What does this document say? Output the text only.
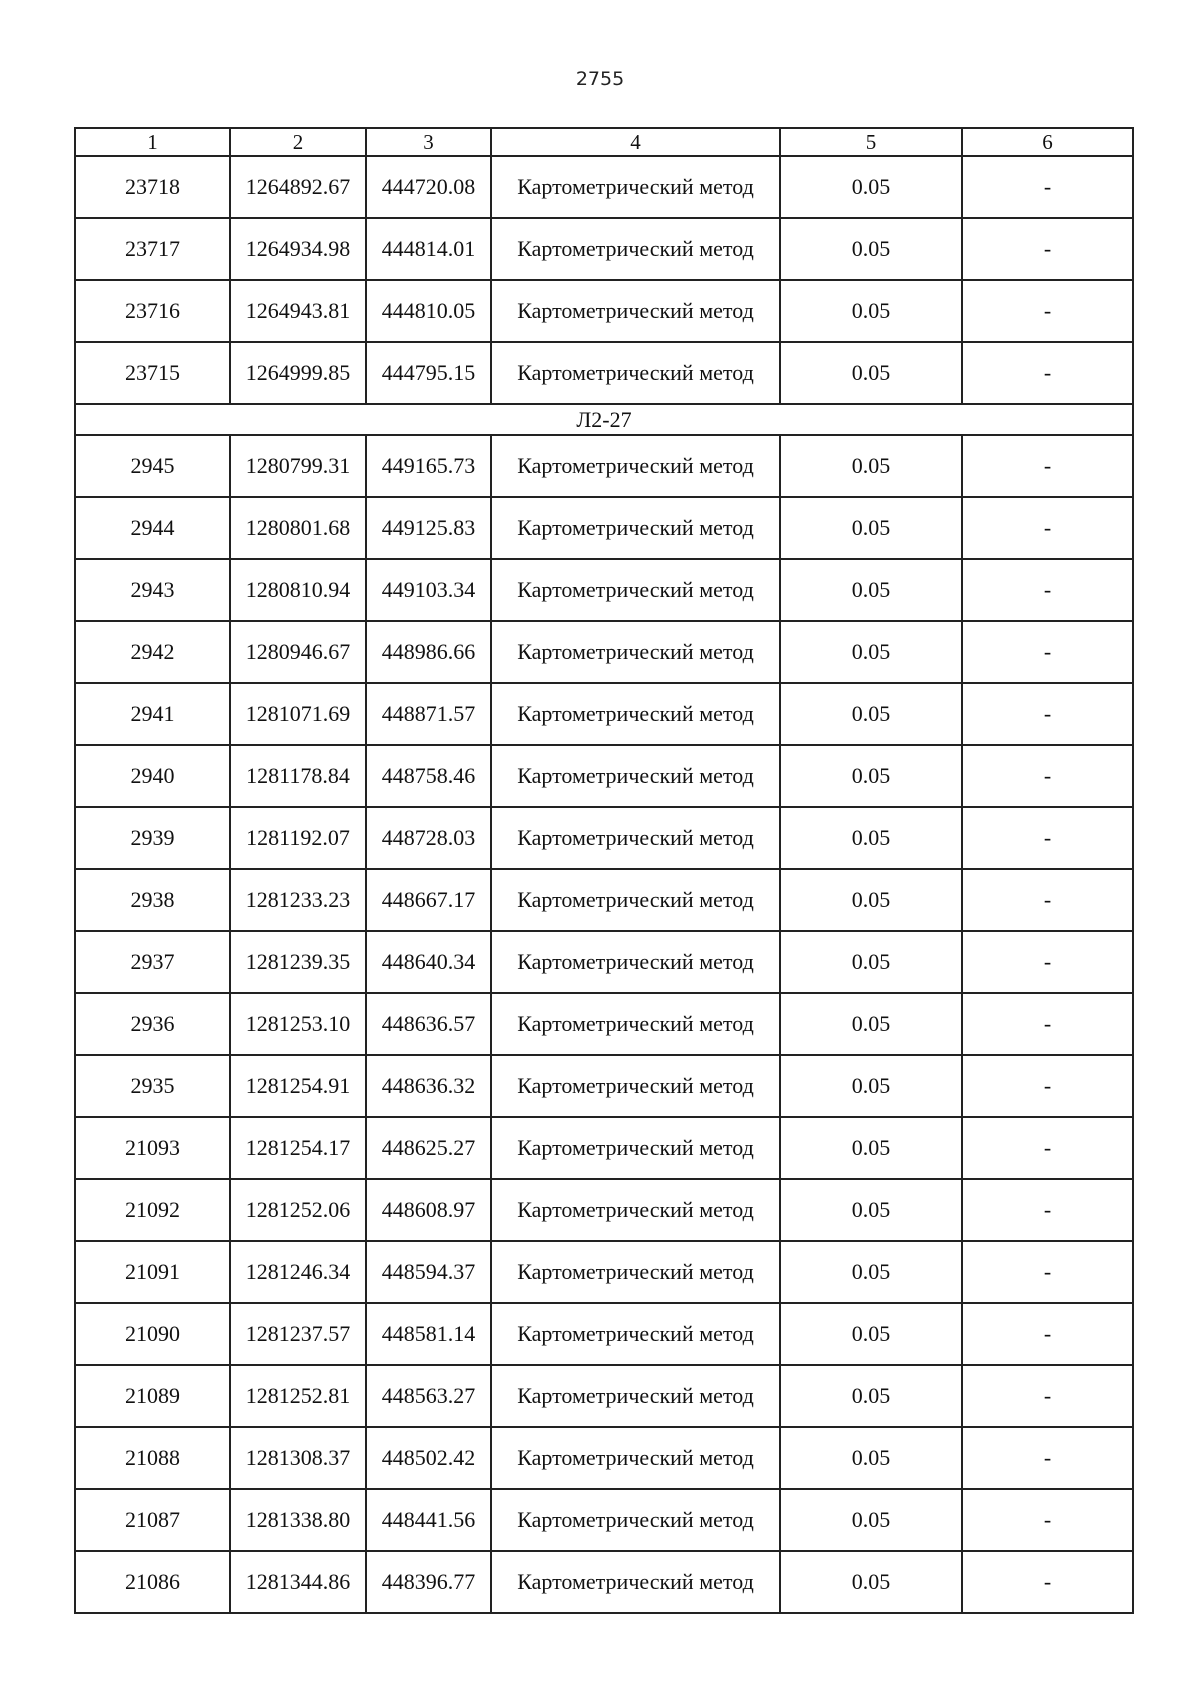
2755
1	2	3	4	5	6
23718	1264892.67	444720.08	Картометрический метод	0.05	-
23717	1264934.98	444814.01	Картометрический метод	0.05	-
23716	1264943.81	444810.05	Картометрический метод	0.05	-
23715	1264999.85	444795.15	Картометрический метод	0.05	-
Л2-27					
2945	1280799.31	449165.73	Картометрический метод	0.05	-
2944	1280801.68	449125.83	Картометрический метод	0.05	-
2943	1280810.94	449103.34	Картометрический метод	0.05	-
2942	1280946.67	448986.66	Картометрический метод	0.05	-
2941	1281071.69	448871.57	Картометрический метод	0.05	-
2940	1281178.84	448758.46	Картометрический метод	0.05	-
2939	1281192.07	448728.03	Картометрический метод	0.05	-
2938	1281233.23	448667.17	Картометрический метод	0.05	-
2937	1281239.35	448640.34	Картометрический метод	0.05	-
2936	1281253.10	448636.57	Картометрический метод	0.05	-
2935	1281254.91	448636.32	Картометрический метод	0.05	-
21093	1281254.17	448625.27	Картометрический метод	0.05	-
21092	1281252.06	448608.97	Картометрический метод	0.05	-
21091	1281246.34	448594.37	Картометрический метод	0.05	-
21090	1281237.57	448581.14	Картометрический метод	0.05	-
21089	1281252.81	448563.27	Картометрический метод	0.05	-
21088	1281308.37	448502.42	Картометрический метод	0.05	-
21087	1281338.80	448441.56	Картометрический метод	0.05	-
21086	1281344.86	448396.77	Картометрический метод	0.05	-
